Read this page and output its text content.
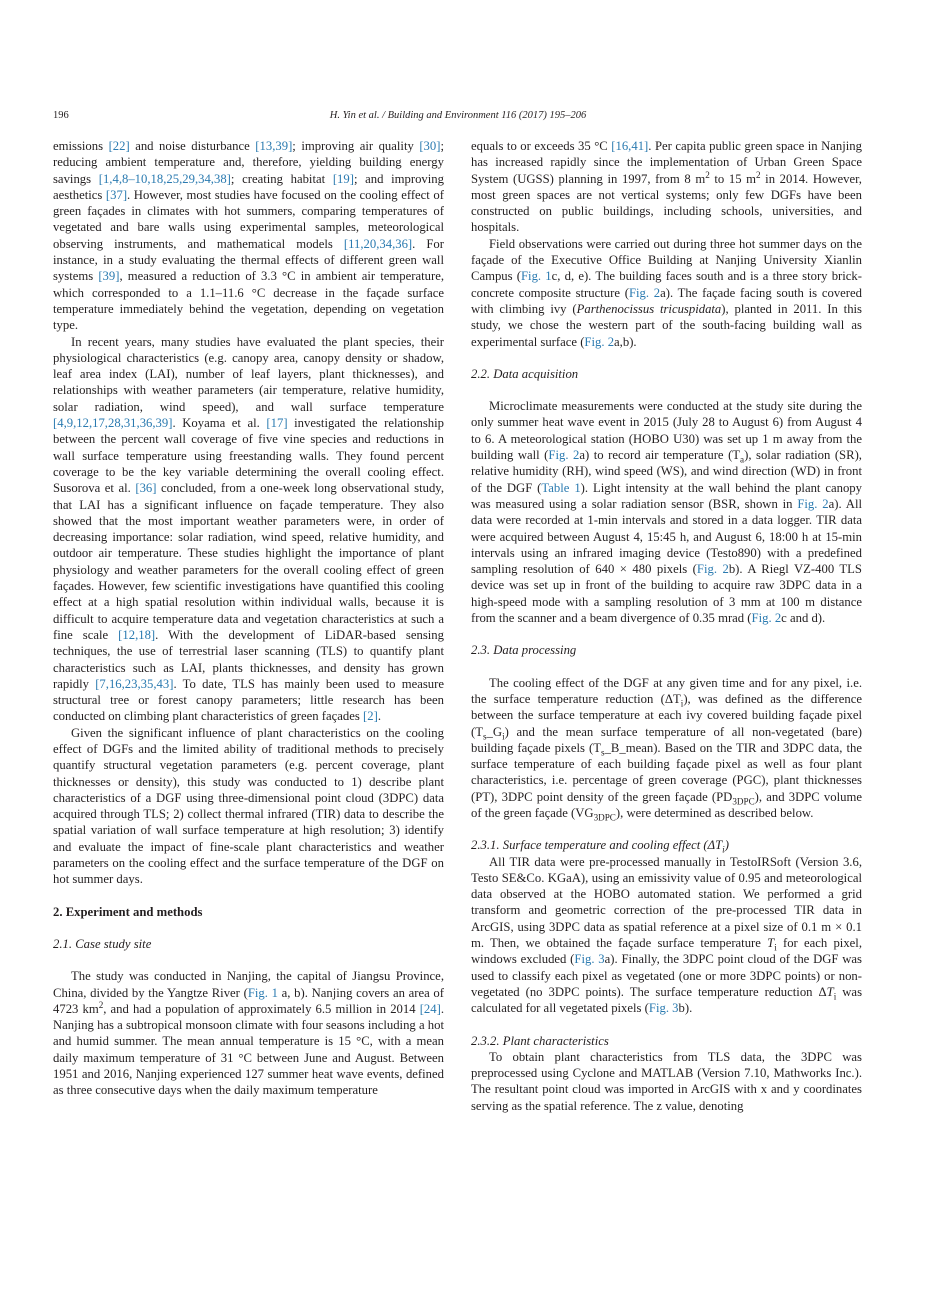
196	H. Yin et al. / Building and Environment 116 (2017) 195–206

emissions [22] and noise disturbance [13,39]; improving air quality [30]; reducing ambient temperature and, therefore, yielding building energy savings [1,4,8–10,18,25,29,34,38]; creating habitat [19]; and improving aesthetics [37]. However, most studies have focused on the cooling effect of green façades in climates with hot summers, comparing temperatures of vegetated and bare walls using experimental samples, meteorological observing instruments, and mathematical models [11,20,34,36]. For instance, in a study evaluating the thermal effects of different green wall systems [39], measured a reduction of 3.3 °C in ambient air temperature, which corresponded to a 1.1–11.6 °C decrease in the façade surface temperature immediately behind the vegetation, depending on vegetation type.

In recent years, many studies have evaluated the plant species, their physiological characteristics (e.g. canopy area, canopy density or shadow, leaf area index (LAI), number of leaf layers, plant thicknesses), and relationships with weather parameters (air temperature, relative humidity, solar radiation, wind speed), and wall surface temperature [4,9,12,17,28,31,36,39]. Koyama et al. [17] investigated the relationship between the percent wall coverage of five vine species and reductions in wall surface temperature using freestanding walls. They found percent coverage to be the key variable determining the overall cooling effect. Susorova et al. [36] concluded, from a one-week long observational study, that LAI has a significant influence on façade temperature. They also showed that the most important weather parameters were, in order of decreasing importance: solar radiation, wind speed, relative humidity, and outdoor air temperature. These studies highlight the importance of plant physiology and weather parameters for the overall cooling effect of green façades. However, few scientific investigations have quantified this cooling effect at a high spatial resolution within individual walls, because it is difficult to acquire temperature data and vegetation characteristics at such a fine scale [12,18]. With the development of LiDAR-based sensing techniques, the use of terrestrial laser scanning (TLS) to quantify plant characteristics such as LAI, plants thicknesses, and density has grown rapidly [7,16,23,35,43]. To date, TLS has mainly been used to measure structural tree or forest canopy parameters; little research has been conducted on climbing plant characteristics of green façades [2].

Given the significant influence of plant characteristics on the cooling effect of DGFs and the limited ability of traditional methods to precisely quantify structural vegetation parameters (e.g. percent coverage, plant thicknesses or density), this study was conducted to 1) describe plant characteristics of a DGF using three-dimensional point cloud (3DPC) data acquired through TLS; 2) collect thermal infrared (TIR) data to describe the spatial variation of wall surface temperature at high resolution; 3) identify and evaluate the impact of fine-scale plant characteristics and weather parameters on the cooling effect and the surface temperature of the DGF on hot summer days.

2. Experiment and methods
2.1. Case study site

The study was conducted in Nanjing, the capital of Jiangsu Province, China, divided by the Yangtze River (Fig. 1 a, b). Nanjing covers an area of 4723 $km^2$, and had a population of approximately 6.5 million in 2014 [24]. Nanjing has a subtropical monsoon climate with four seasons including a hot and humid summer. The mean annual temperature is 15 °C, with a mean daily maximum temperature of 31 °C between June and August. Between 1951 and 2016, Nanjing experienced 127 summer heat wave events, defined as three consecutive days when the daily maximum temperature

equals to or exceeds 35 °C [16,41]. Per capita public green space in Nanjing has increased rapidly since the implementation of Urban Green Space System (UGSS) planning in 1997, from 8 $m^2$ to 15 $m^2$ in 2014. However, most green spaces are not vertical systems; only few DGFs have been constructed on public buildings, including schools, universities, and hospitals.

Field observations were carried out during three hot summer days on the façade of the Executive Office Building at Nanjing University Xianlin Campus (Fig. 1c, d, e). The building faces south and is a three story brick-concrete composite structure (Fig. 2a). The façade facing south is covered with climbing ivy (Parthenocissus tricuspidata), planted in 2011. In this study, we chose the western part of the south-facing building wall as experimental surface (Fig. 2a,b).

2.2. Data acquisition

Microclimate measurements were conducted at the study site during the only summer heat wave event in 2015 (July 28 to August 6) from August 4 to 6. A meteorological station (HOBO U30) was set up 1 m away from the building wall (Fig. 2a) to record air temperature $(T_a)$, solar radiation (SR), relative humidity (RH), wind speed (WS), and wind direction (WD) in front of the DGF (Table 1). Light intensity at the wall behind the plant canopy was measured using a solar radiation sensor (BSR, shown in Fig. 2a). All data were recorded at 1-min intervals and stored in a data logger. TIR data were acquired between August 4, 15:45 h, and August 6, 18:00 h at 15-min intervals using an infrared imaging device (Testo890) with a predefined sampling resolution of 640 × 480 pixels (Fig. 2b). A Riegl VZ-400 TLS device was set up in front of the building to acquire raw 3DPC data in a high-speed mode with a sampling resolution of 3 mm at 100 m distance from the scanner and a beam divergence of 0.35 mrad (Fig. 2c and d).

2.3. Data processing

The cooling effect of the DGF at any given time and for any pixel, i.e. the surface temperature reduction $(\Delta T_i)$, was defined as the difference between the surface temperature at each ivy covered building façade pixel $(T_s\_G_i)$ and the mean surface temperature of all non-vegetated (bare) building façade pixels $(T_s\_B\_mean)$. Based on the TIR and 3DPC data, the surface temperature of each building façade pixel as well as four plant characteristics, i.e. percentage of green coverage (PGC), plant thicknesses (PT), 3DPC point density of the green façade $(PD_{3DPC})$, and 3DPC volume of the green façade $(VG_{3DPC})$, were determined as described below.

2.3.1. Surface temperature and cooling effect $(\Delta T_i)$

All TIR data were pre-processed manually in TestoIRSoft (Version 3.6, Testo SE&Co. KGaA), using an emissivity value of 0.95 and meteorological data observed at the HOBO automated station. We performed a grid transform and geometric correction of the pre-processed TIR data in ArcGIS, using 3DPC data as spatial reference at a pixel size of 0.1 m × 0.1 m. Then, we obtained the façade surface temperature $T_i$ for each pixel, windows excluded (Fig. 3a). Finally, the 3DPC point cloud of the DGF was used to classify each pixel as vegetated (one or more 3DPC points) or non-vegetated (no 3DPC points). The surface temperature reduction $\Delta T_i$ was calculated for all vegetated pixels (Fig. 3b).

2.3.2. Plant characteristics

To obtain plant characteristics from TLS data, the 3DPC was preprocessed using Cyclone and MATLAB (Version 7.10, Mathworks Inc.). The resultant point cloud was imported in ArcGIS with x and y coordinates serving as the spatial reference. The z value, denoting
